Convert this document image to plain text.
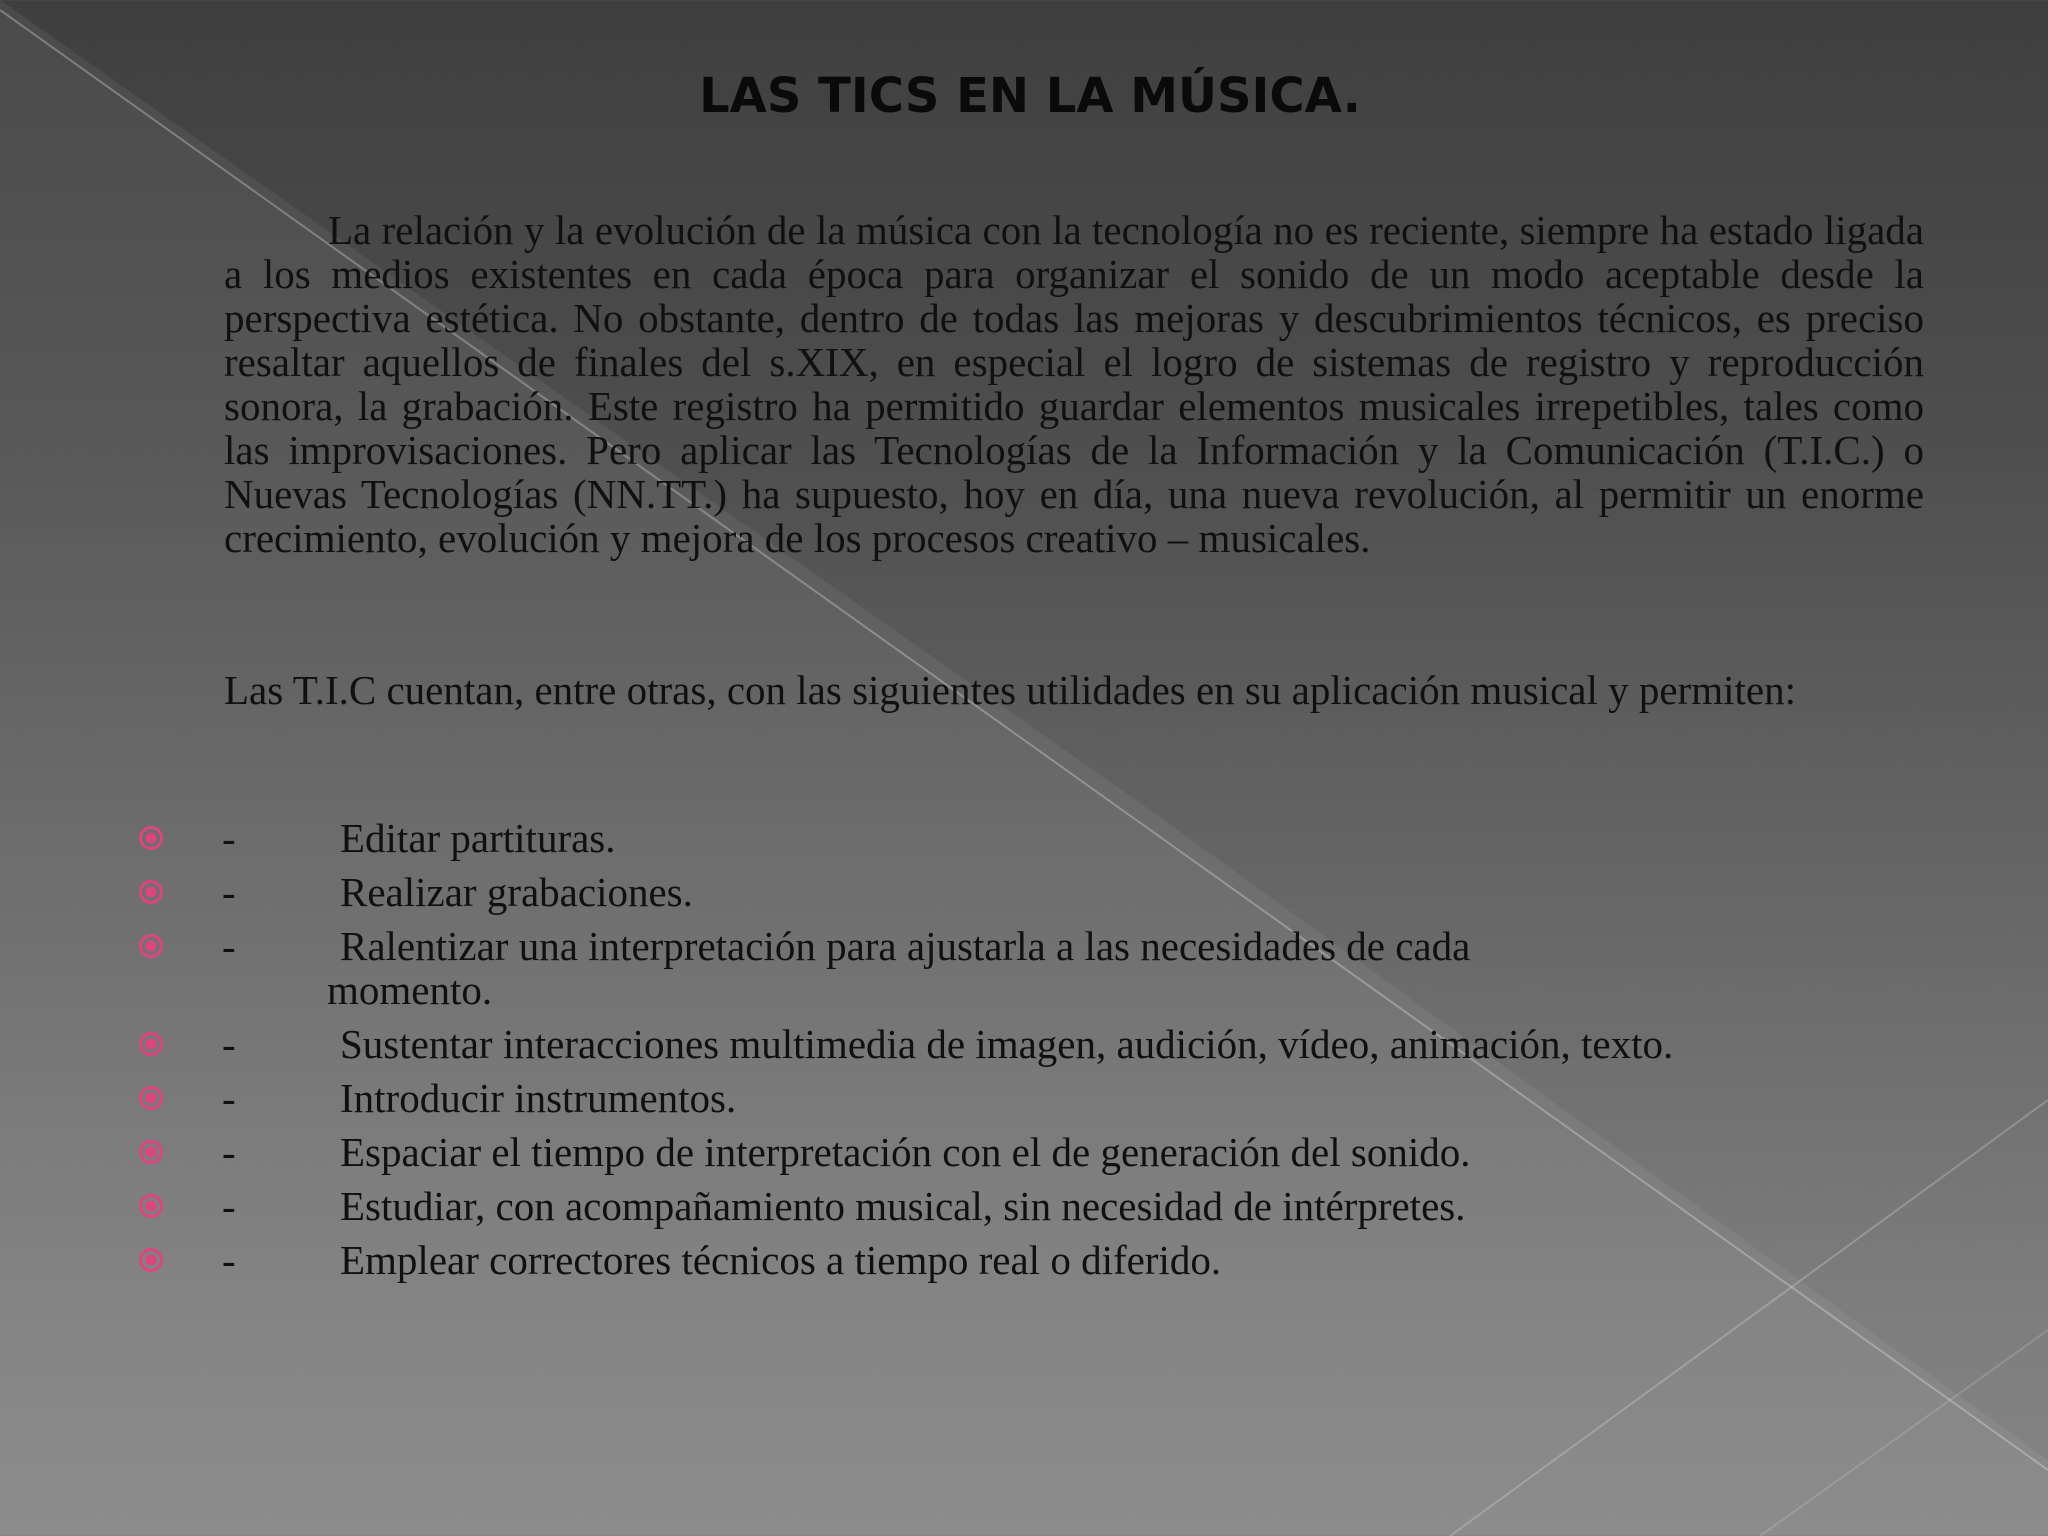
LAS TICS EN LA MÚSICA.

La relación y la evolución de la música con la tecnología no es reciente, siempre ha estado ligada a los medios existentes en cada época para organizar el sonido de un modo aceptable desde la perspectiva estética. No obstante, dentro de todas las mejoras y descubrimientos técnicos, es preciso resaltar aquellos de finales del s.XIX, en especial el logro de sistemas de registro y reproducción sonora, la grabación. Este registro ha permitido guardar elementos musicales irrepetibles, tales como las improvisaciones. Pero aplicar las Tecnologías de la Información y la Comunicación (T.I.C.) o Nuevas Tecnologías (NN.TT.) ha supuesto, hoy en día, una nueva revolución, al permitir un enorme crecimiento, evolución y mejora de los procesos creativo – musicales.

Las T.I.C cuentan, entre otras, con las siguientes utilidades en su aplicación musical y permiten:

-	Editar partituras.
-	Realizar grabaciones.
-	Ralentizar una interpretación para ajustarla a las necesidades de cada
momento.
-	Sustentar interacciones multimedia de imagen, audición, vídeo, animación, texto.
-	Introducir instrumentos.
-	Espaciar el tiempo de interpretación con el de generación del sonido.
-	Estudiar, con acompañamiento musical, sin necesidad de intérpretes.
-	Emplear correctores técnicos a tiempo real o diferido.
